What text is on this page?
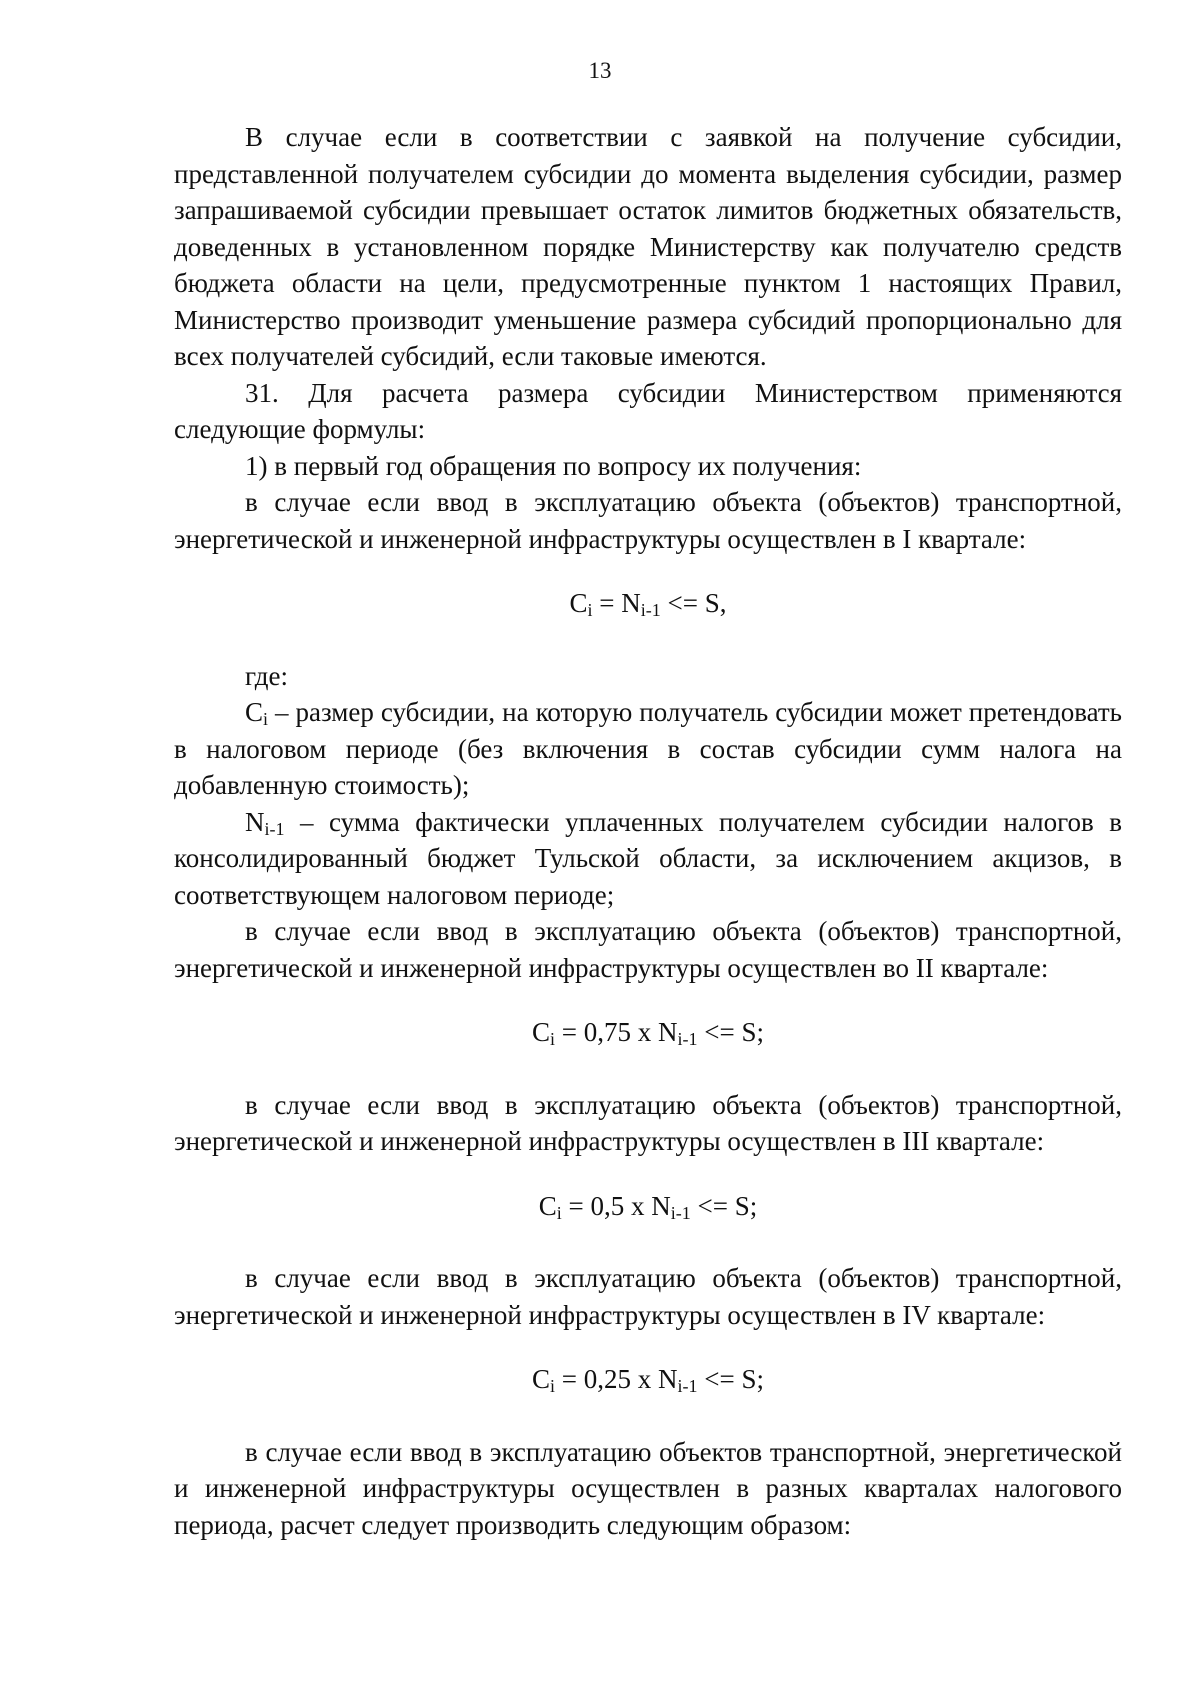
13

В случае если в соответствии с заявкой на получение субсидии, представленной получателем субсидии до момента выделения субсидии, размер запрашиваемой субсидии превышает остаток лимитов бюджетных обязательств, доведенных в установленном порядке Министерству как получателю средств бюджета области на цели, предусмотренные пунктом 1 настоящих Правил, Министерство производит уменьшение размера субсидий пропорционально для всех получателей субсидий, если таковые имеются.

31. Для расчета размера субсидии Министерством применяются следующие формулы:

1) в первый год обращения по вопросу их получения:

в случае если ввод в эксплуатацию объекта (объектов) транспортной, энергетической и инженерной инфраструктуры осуществлен в I квартале:

$C_i = N_{i-1} <= S$,

где:

$C_i$ – размер субсидии, на которую получатель субсидии может претендовать в налоговом периоде (без включения в состав субсидии сумм налога на добавленную стоимость);

$N_{i-1}$ – сумма фактически уплаченных получателем субсидии налогов в консолидированный бюджет Тульской области, за исключением акцизов, в соответствующем налоговом периоде;

в случае если ввод в эксплуатацию объекта (объектов) транспортной, энергетической и инженерной инфраструктуры осуществлен во II квартале:

$C_i = 0,75$ x $N_{i-1} <= S$;

в случае если ввод в эксплуатацию объекта (объектов) транспортной, энергетической и инженерной инфраструктуры осуществлен в III квартале:

$C_i = 0,5$ x $N_{i-1} <= S$;

в случае если ввод в эксплуатацию объекта (объектов) транспортной, энергетической и инженерной инфраструктуры осуществлен в IV квартале:

$C_i = 0,25$ x $N_{i-1} <= S$;

в случае если ввод в эксплуатацию объектов транспортной, энергетической и инженерной инфраструктуры осуществлен в разных кварталах налогового периода, расчет следует производить следующим образом:
